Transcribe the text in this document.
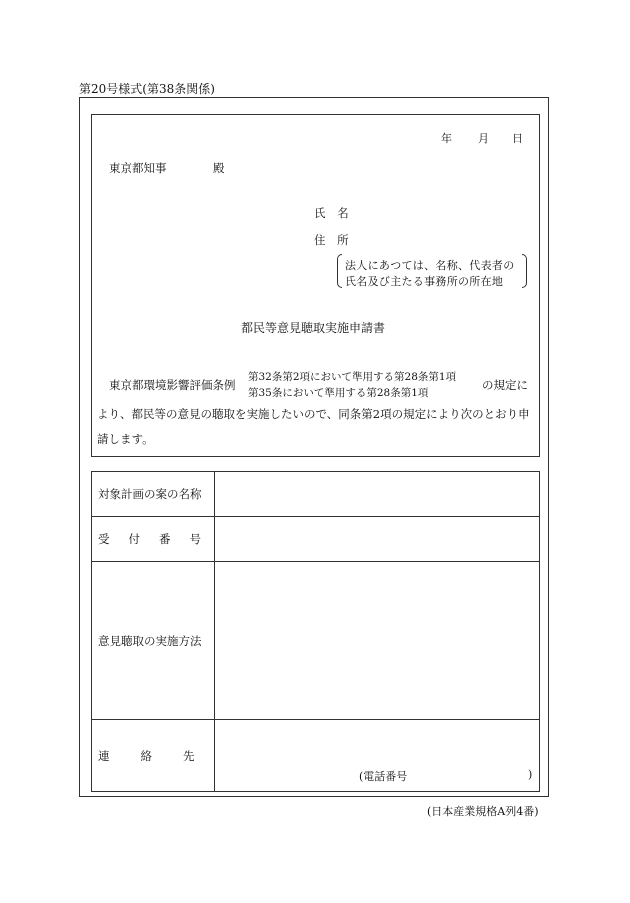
第20号様式(第38条関係)
年 月 日
東京都知事	殿
氏 名
住 所
法人にあつては、名称、代表者の
氏名及び主たる事務所の所在地
都民等意見聴取実施申請書
東京都環境影響評価条例
第32条第2項において準用する第28条第1項
第35条において準用する第28条第1項
の規定に
より、都民等の意見の聴取を実施したいので、同条第2項の規定により次のとおり申
請します。
対象計画の案の名称	
受 付 番 号	
意見聴取の実施方法	
連 絡 先	
(電話番号	)
(日本産業規格A列4番)
